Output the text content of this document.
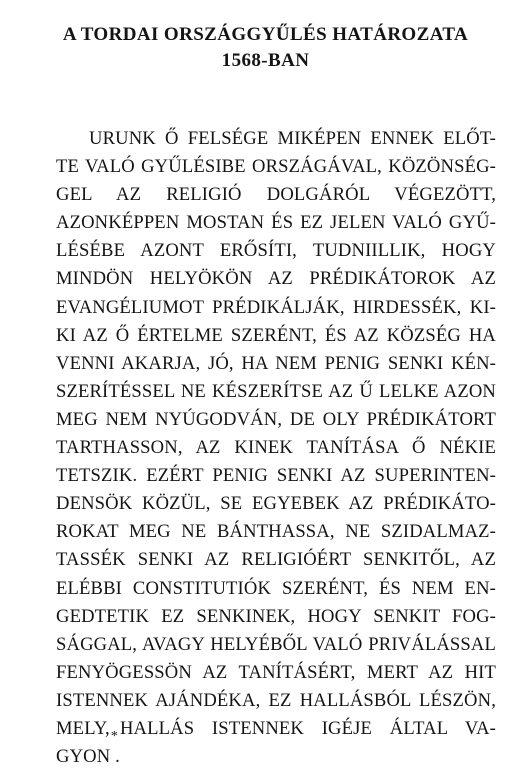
A TORDAI ORSZÁGGYŰLÉS HATÁROZATA
1568-BAN
URUNK Ő FELSÉGE MIKÉPEN ENNEK ELŐT-
TE VALÓ GYŰLÉSIBE ORSZÁGÁVAL, KÖZÖNSÉG-
GEL AZ RELIGIÓ DOLGÁRÓL VÉGEZÖTT,
AZONKÉPPEN MOSTAN ÉS EZ JELEN VALÓ GYŰ-
LÉSÉBE AZONT ERŐSÍTI, TUDNIILLIK, HOGY
MINDÖN HELYÖKÖN AZ PRÉDIKÁTOROK AZ
EVANGÉLIUMOT PRÉDIKÁLJÁK, HIRDESSÉK, KI-
KI AZ Ő ÉRTELME SZERÉNT, ÉS AZ KÖZSÉG HA
VENNI AKARJA, JÓ, HA NEM PENIG SENKI KÉN-
SZERÍTÉSSEL NE KÉSZERÍTSE AZ Ű LELKE AZON
MEG NEM NYÚGODVÁN, DE OLY PRÉDIKÁTORT
TARTHASSON, AZ KINEK TANÍTÁSA Ő NÉKIE
TETSZIK. EZÉRT PENIG SENKI AZ SUPERINTEN-
DENSÖK KÖZÜL, SE EGYEBEK AZ PRÉDIKÁTO-
ROKAT MEG NE BÁNTHASSA, NE SZIDALMAZ-
TASSÉK SENKI AZ RELIGIÓÉRT SENKITŐL, AZ
ELÉBBI CONSTITUTIÓK SZERÉNT, ÉS NEM EN-
GEDTETIK EZ SENKINEK, HOGY SENKIT FOG-
SÁGGAL, AVAGY HELYÉBŐL VALÓ PRIVÁLÁSSAL
FENYÖGESSÖN AZ TANÍTÁSÉRT, MERT AZ HIT
ISTENNEK AJÁNDÉKA, EZ HALLÁSBÓL LÉSZÖN,
MELY,* HALLÁS ISTENNEK IGÉJE ÁLTAL VA-
GYON .
